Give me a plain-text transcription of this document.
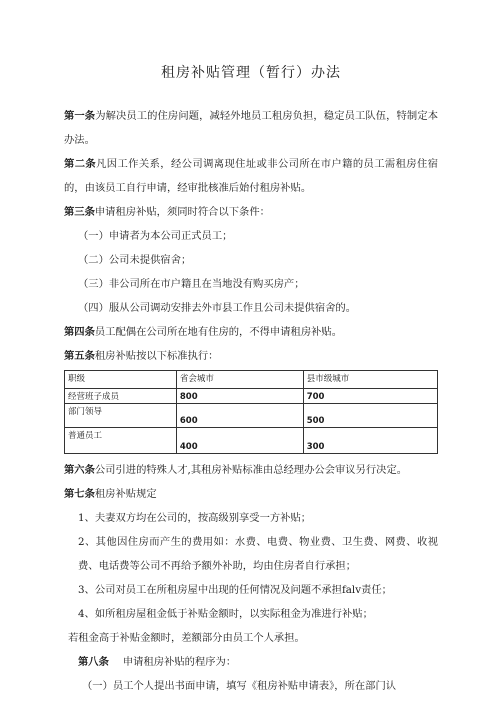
租房补贴管理（暂行）办法

第一条为解决员工的住房问题，减轻外地员工租房负担，稳定员工队伍，特制定本办法。

第二条凡因工作关系，经公司调离现住址或非公司所在市户籍的员工需租房住宿的，由该员工自行申请，经审批核准后始付租房补贴。

第三条申请租房补贴，须同时符合以下条件：

（一）申请者为本公司正式员工；

（二）公司未提供宿舍；

（三）非公司所在市户籍且在当地没有购买房产；

（四）服从公司调动安排去外市县工作且公司未提供宿舍的。

第四条员工配偶在公司所在地有住房的，不得申请租房补贴。

第五条租房补贴按以下标准执行：

职级	省会城市	县市级城市
经营班子成员	800	700
部门领导	600	500
普通员工	400	300

第六条公司引进的特殊人才,其租房补贴标准由总经理办公会审议另行决定。

第七条租房补贴规定

1、夫妻双方均在公司的，按高级别享受一方补贴；

2、其他因住房而产生的费用如：水费、电费、物业费、卫生费、网费、收视费、电话费等公司不再给予额外补助，均由住房者自行承担；

3、公司对员工在所租房屋中出现的任何情况及问题不承担falv责任；

4、如所租房屋租金低于补贴金额时，以实际租金为准进行补贴；

若租金高于补贴金额时，差额部分由员工个人承担。

第八条 申请租房补贴的程序为：

（一）员工个人提出书面申请，填写《租房补贴申请表》，所在部门认
